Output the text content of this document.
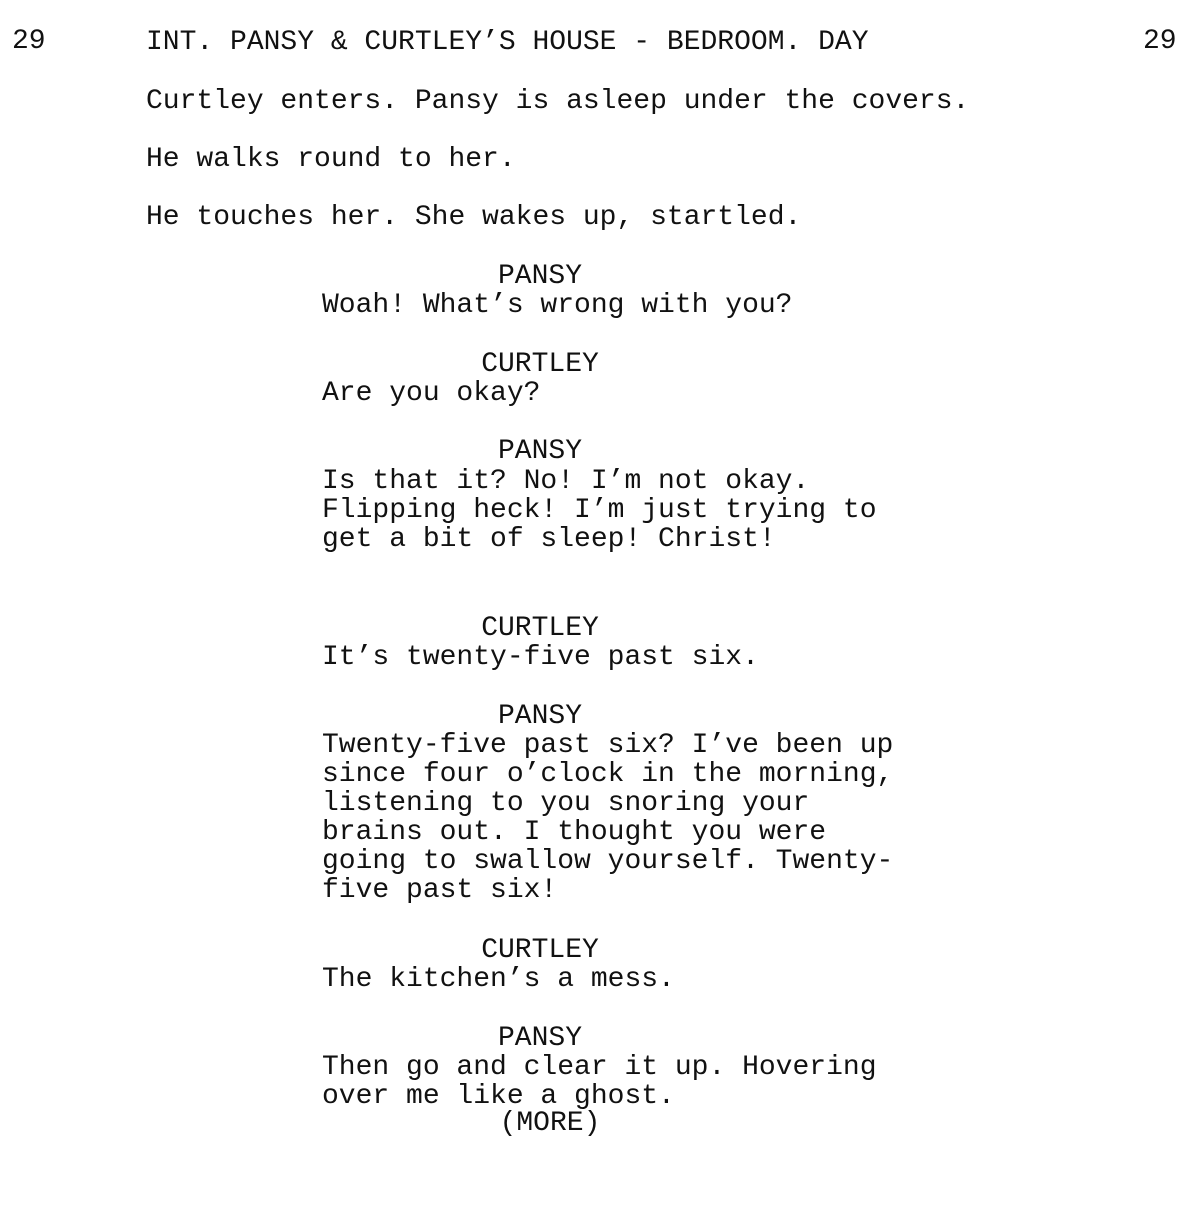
29	INT. PANSY & CURTLEY’S HOUSE - BEDROOM. DAY	29
Curtley enters. Pansy is asleep under the covers.
He walks round to her.
He touches her. She wakes up, startled.
PANSY
Woah! What’s wrong with you?
CURTLEY
Are you okay?
PANSY
Is that it? No! I’m not okay.
Flipping heck! I’m just trying to
get a bit of sleep! Christ!
CURTLEY
It’s twenty-five past six.
PANSY
Twenty-five past six? I’ve been up
since four o’clock in the morning,
listening to you snoring your
brains out. I thought you were
going to swallow yourself. Twenty-
five past six!
CURTLEY
The kitchen’s a mess.
PANSY
Then go and clear it up. Hovering
over me like a ghost.
(MORE)
